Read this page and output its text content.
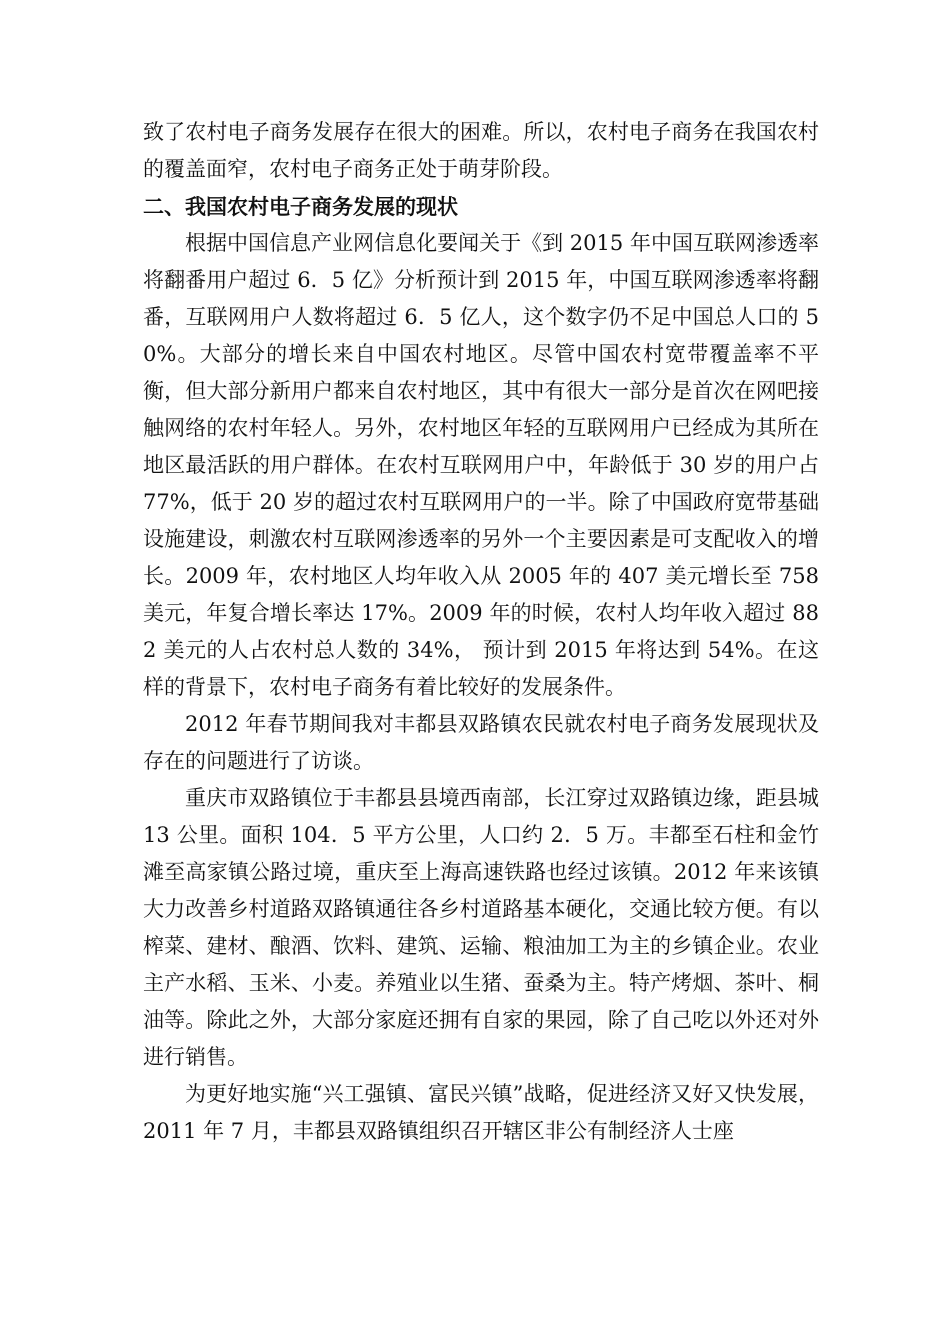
致了农村电子商务发展存在很大的困难。所以，农村电子商务在我国农村的覆盖面窄，农村电子商务正处于萌芽阶段。

二、我国农村电子商务发展的现状

根据中国信息产业网信息化要闻关于《到 2015 年中国互联网渗透率将翻番用户超过 6．5 亿》分析预计到 2015 年，中国互联网渗透率将翻番，互联网用户人数将超过 6．5 亿人，这个数字仍不足中国总人口的 50%。大部分的增长来自中国农村地区。尽管中国农村宽带覆盖率不平衡，但大部分新用户都来自农村地区，其中有很大一部分是首次在网吧接触网络的农村年轻人。另外，农村地区年轻的互联网用户已经成为其所在地区最活跃的用户群体。在农村互联网用户中，年龄低于 30 岁的用户占 77%，低于 20 岁的超过农村互联网用户的一半。除了中国政府宽带基础设施建设，刺激农村互联网渗透率的另外一个主要因素是可支配收入的增长。2009 年，农村地区人均年收入从 2005 年的 407 美元增长至 758 美元，年复合增长率达 17%。2009 年的时候，农村人均年收入超过 882 美元的人占农村总人数的 34%， 预计到 2015 年将达到 54%。在这样的背景下，农村电子商务有着比较好的发展条件。

2012 年春节期间我对丰都县双路镇农民就农村电子商务发展现状及存在的问题进行了访谈。

重庆市双路镇位于丰都县县境西南部，长江穿过双路镇边缘，距县城 13 公里。面积 104．5 平方公里，人口约 2．5 万。丰都至石柱和金竹滩至高家镇公路过境，重庆至上海高速铁路也经过该镇。2012 年来该镇大力改善乡村道路双路镇通往各乡村道路基本硬化，交通比较方便。有以榨菜、建材、酿酒、饮料、建筑、运输、粮油加工为主的乡镇企业。农业主产水稻、玉米、小麦。养殖业以生猪、蚕桑为主。特产烤烟、茶叶、桐油等。除此之外，大部分家庭还拥有自家的果园，除了自己吃以外还对外进行销售。

为更好地实施“兴工强镇、富民兴镇”战略，促进经济又好又快发展，2011 年 7 月，丰都县双路镇组织召开辖区非公有制经济人士座
